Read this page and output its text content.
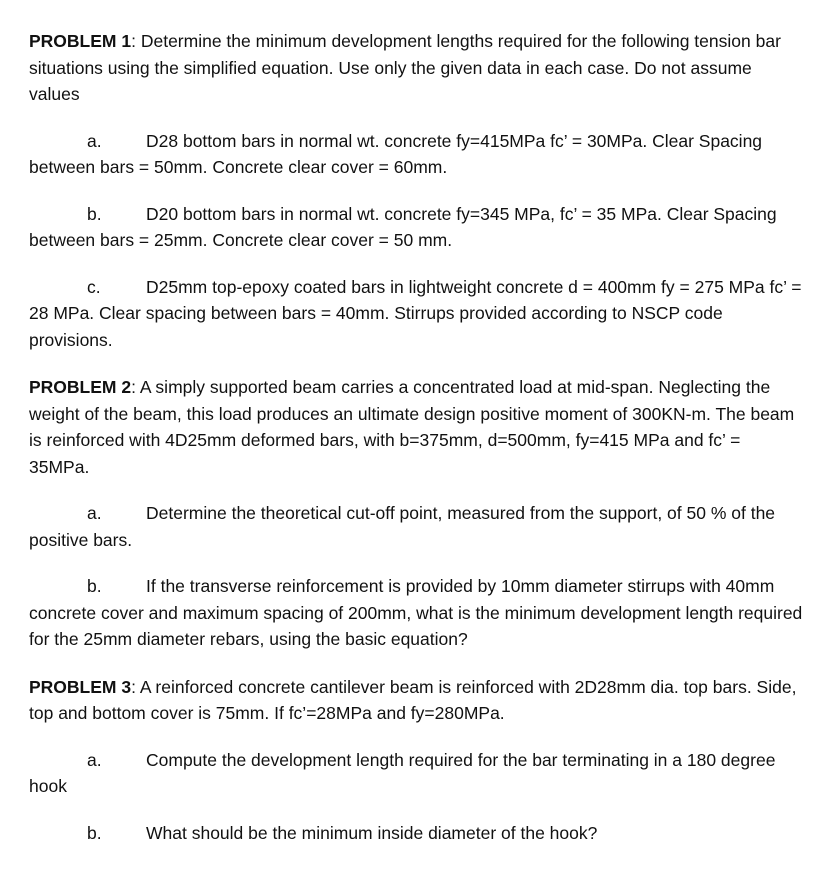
PROBLEM 1: Determine the minimum development lengths required for the following tension bar situations using the simplified equation. Use only the given data in each case. Do not assume values

a.	D28 bottom bars in normal wt. concrete fy=415MPa fc’ = 30MPa. Clear Spacing between bars = 50mm. Concrete clear cover = 60mm.

b.	D20 bottom bars in normal wt. concrete fy=345 MPa, fc’ = 35 MPa. Clear Spacing between bars = 25mm. Concrete clear cover = 50 mm.

c.	D25mm top-epoxy coated bars in lightweight concrete d = 400mm fy = 275 MPa fc’ = 28 MPa. Clear spacing between bars = 40mm. Stirrups provided according to NSCP code provisions.

PROBLEM 2: A simply supported beam carries a concentrated load at mid-span. Neglecting the weight of the beam, this load produces an ultimate design positive moment of 300KN-m. The beam is reinforced with 4D25mm deformed bars, with b=375mm, d=500mm, fy=415 MPa and fc’ = 35MPa.

a.	Determine the theoretical cut-off point, measured from the support, of 50 % of the positive bars.

b.	If the transverse reinforcement is provided by 10mm diameter stirrups with 40mm concrete cover and maximum spacing of 200mm, what is the minimum development length required for the 25mm diameter rebars, using the basic equation?

PROBLEM 3: A reinforced concrete cantilever beam is reinforced with 2D28mm dia. top bars. Side, top and bottom cover is 75mm. If fc’=28MPa and fy=280MPa.

a.	Compute the development length required for the bar terminating in a 180 degree hook

b.	What should be the minimum inside diameter of the hook?
